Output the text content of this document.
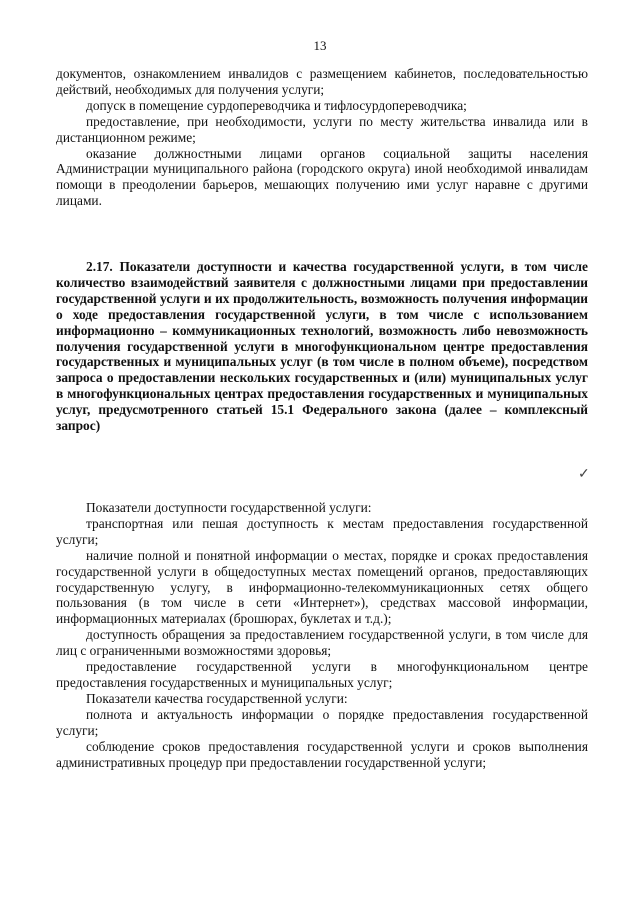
13

документов, ознакомлением инвалидов с размещением кабинетов, последовательностью действий, необходимых для получения услуги;

допуск в помещение сурдопереводчика и тифлосурдопереводчика;

предоставление, при необходимости, услуги по месту жительства инвалида или в дистанционном режиме;

оказание должностными лицами органов социальной защиты населения Администрации муниципального района (городского округа) иной необходимой инвалидам помощи в преодолении барьеров, мешающих получению ими услуг наравне с другими лицами.

2.17. Показатели доступности и качества государственной услуги, в том числе количество взаимодействий заявителя с должностными лицами при предоставлении государственной услуги и их продолжительность, возможность получения информации о ходе предоставления государственной услуги, в том числе с использованием информационно – коммуникационных технологий, возможность либо невозможность получения государственной услуги в многофункциональном центре предоставления государственных и муниципальных услуг (в том числе в полном объеме), посредством запроса о предоставлении нескольких государственных и (или) муниципальных услуг в многофункциональных центрах предоставления государственных и муниципальных услуг, предусмотренного статьей 15.1 Федерального закона (далее – комплексный запрос)

✓

Показатели доступности государственной услуги:

транспортная или пешая доступность к местам предоставления государственной услуги;

наличие полной и понятной информации о местах, порядке и сроках предоставления государственной услуги в общедоступных местах помещений органов, предоставляющих государственную услугу, в информационно-телекоммуникационных сетях общего пользования (в том числе в сети «Интернет»), средствах массовой информации, информационных материалах (брошюрах, буклетах и т.д.);

доступность обращения за предоставлением государственной услуги, в том числе для лиц с ограниченными возможностями здоровья;

предоставление государственной услуги в многофункциональном центре предоставления государственных и муниципальных услуг;

Показатели качества государственной услуги:

полнота и актуальность информации о порядке предоставления государственной услуги;

соблюдение сроков предоставления государственной услуги и сроков выполнения административных процедур при предоставлении государственной услуги;
